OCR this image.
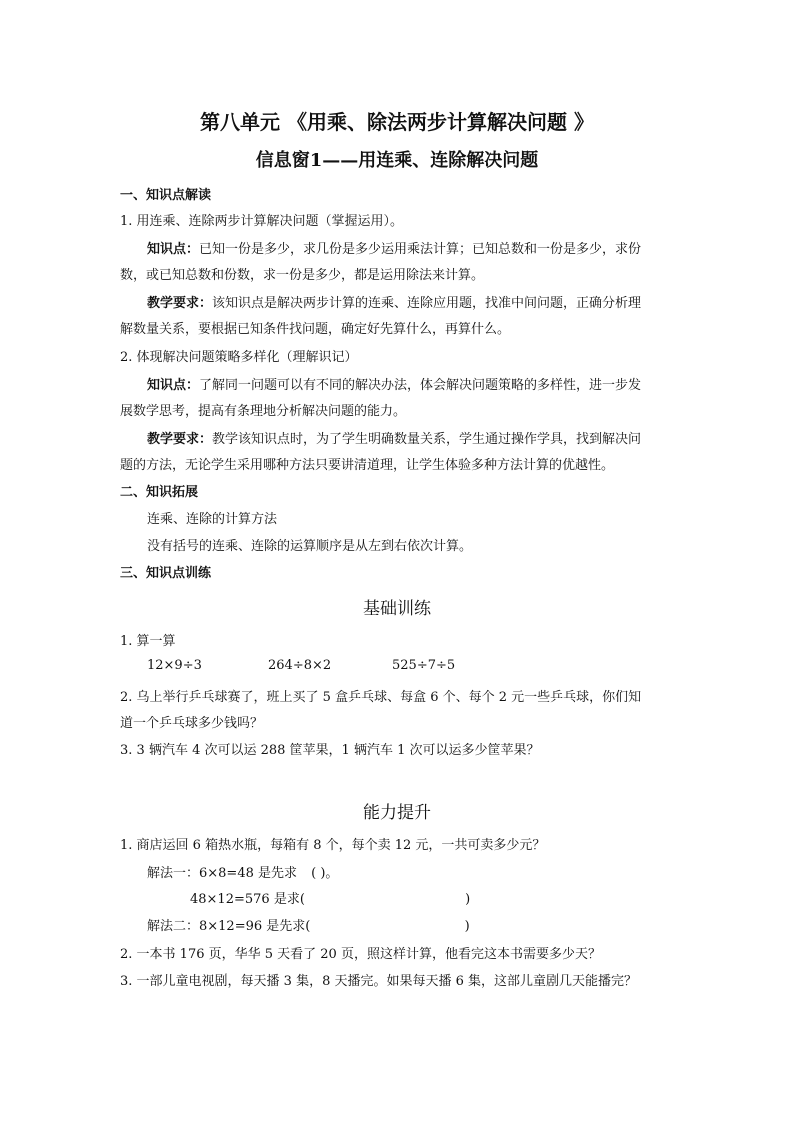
第八单元 《用乘、除法两步计算解决问题 》
信息窗1——用连乘、连除解决问题
一、知识点解读
1. 用连乘、连除两步计算解决问题（掌握运用）。
知识点：已知一份是多少，求几份是多少运用乘法计算；已知总数和一份是多少，求份
数，或已知总数和份数，求一份是多少，都是运用除法来计算。
教学要求：该知识点是解决两步计算的连乘、连除应用题，找准中间问题，正确分析理
解数量关系，要根据已知条件找问题，确定好先算什么，再算什么。
2. 体现解决问题策略多样化（理解识记）
知识点：了解同一问题可以有不同的解决办法，体会解决问题策略的多样性，进一步发
展数学思考，提高有条理地分析解决问题的能力。
教学要求：教学该知识点时，为了学生明确数量关系，学生通过操作学具，找到解决问
题的方法，无论学生采用哪种方法只要讲清道理，让学生体验多种方法计算的优越性。
二、知识拓展
连乘、连除的计算方法
没有括号的连乘、连除的运算顺序是从左到右依次计算。
三、知识点训练
基础训练
1. 算一算
12×9÷3	264÷8×2	525÷7÷5
2. 乌上举行乒乓球赛了，班上买了 5 盒乒乓球、每盒 6 个、每个 2 元一些乒乓球，你们知
道一个乒乓球多少钱吗？
3. 3 辆汽车 4 次可以运 288 筐苹果，1 辆汽车 1 次可以运多少筐苹果？
能力提升
1. 商店运回 6 箱热水瓶，每箱有 8 个，每个卖 12 元，一共可卖多少元？
解法一：6×8=48 是先求 ( )。
48×12=576 是求(	)
解法二：8×12=96 是先求(	)
2. 一本书 176 页，华华 5 天看了 20 页，照这样计算，他看完这本书需要多少天？
3. 一部儿童电视剧，每天播 3 集，8 天播完。如果每天播 6 集，这部儿童剧几天能播完？
